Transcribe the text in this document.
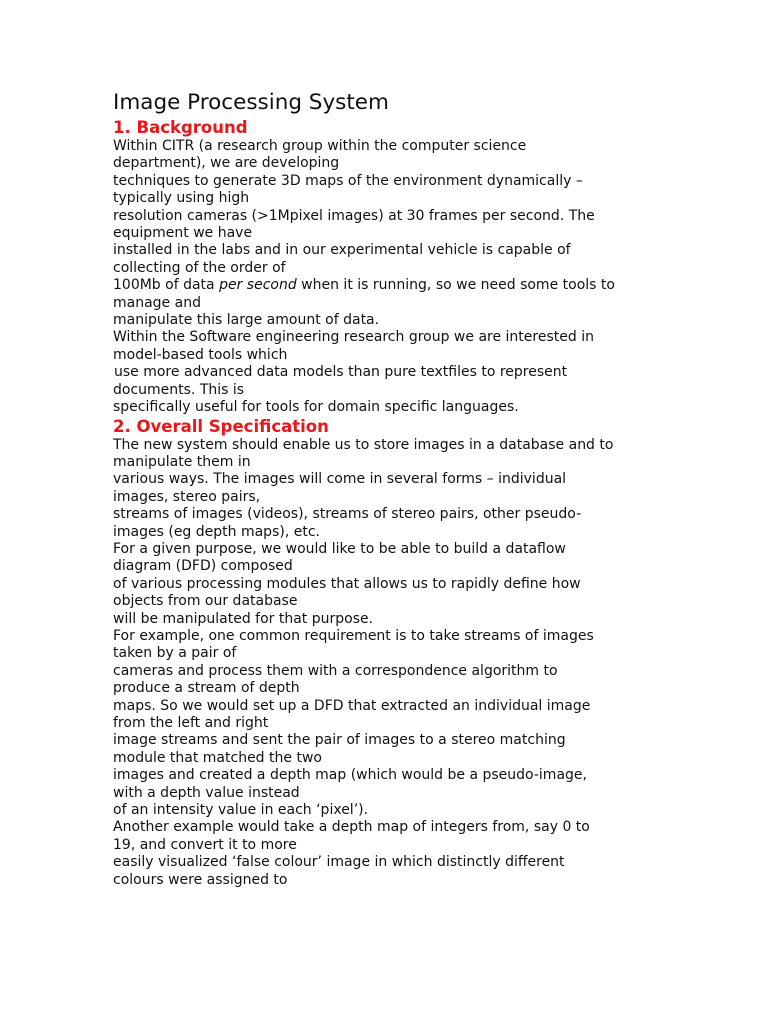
Image Processing System
1. Background
Within CITR (a research group within the computer science
department), we are developing
techniques to generate 3D maps of the environment dynamically –
typically using high
resolution cameras (>1Mpixel images) at 30 frames per second. The
equipment we have
installed in the labs and in our experimental vehicle is capable of
collecting of the order of
100Mb of data per second when it is running, so we need some tools to
manage and
manipulate this large amount of data.
Within the Software engineering research group we are interested in
model-based tools which
use more advanced data models than pure textfiles to represent
documents. This is
specifically useful for tools for domain specific languages.
2. Overall Specification
The new system should enable us to store images in a database and to
manipulate them in
various ways. The images will come in several forms – individual
images, stereo pairs,
streams of images (videos), streams of stereo pairs, other pseudo-
images (eg depth maps), etc.
For a given purpose, we would like to be able to build a dataflow
diagram (DFD) composed
of various processing modules that allows us to rapidly define how
objects from our database
will be manipulated for that purpose.
For example, one common requirement is to take streams of images
taken by a pair of
cameras and process them with a correspondence algorithm to
produce a stream of depth
maps. So we would set up a DFD that extracted an individual image
from the left and right
image streams and sent the pair of images to a stereo matching
module that matched the two
images and created a depth map (which would be a pseudo-image,
with a depth value instead
of an intensity value in each ‘pixel’).
Another example would take a depth map of integers from, say 0 to
19, and convert it to more
easily visualized ‘false colour’ image in which distinctly different
colours were assigned to
